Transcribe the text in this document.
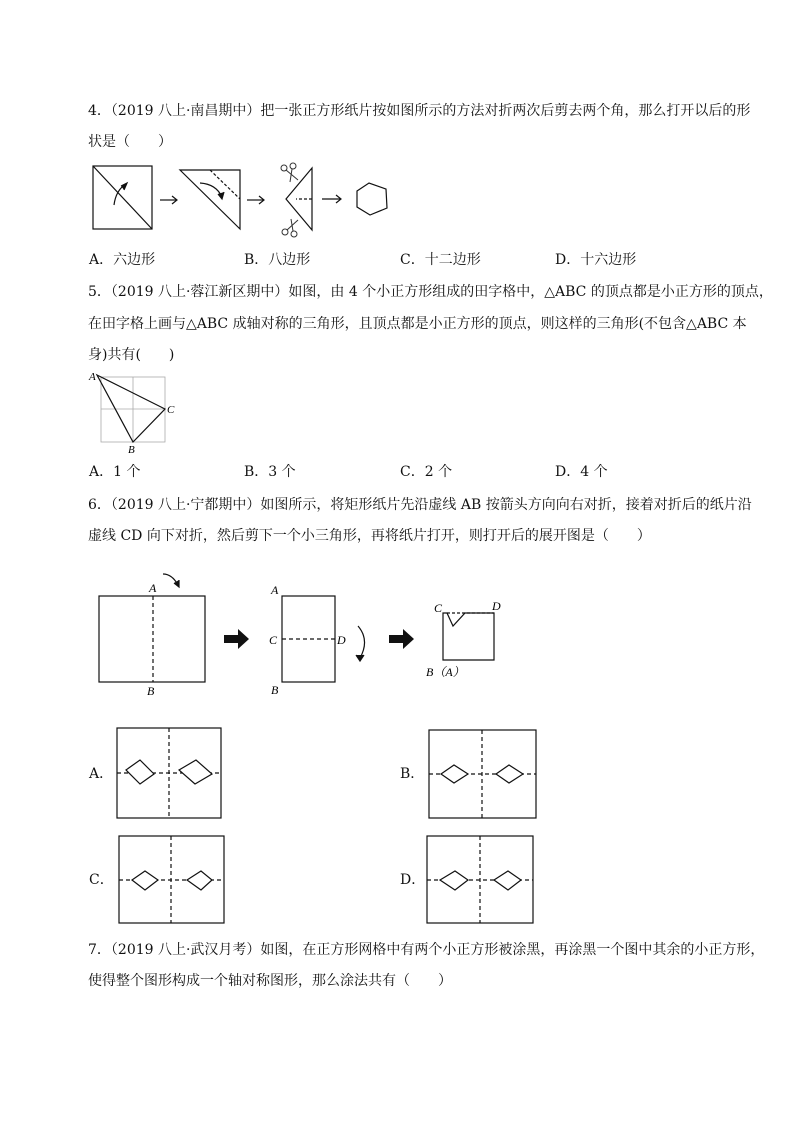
4．（2019 八上·南昌期中）把一张正方形纸片按如图所示的方法对折两次后剪去两个角，那么打开以后的形
状是（　　）
A．六边形	B．八边形	C．十二边形	D．十六边形
5．（2019 八上·蓉江新区期中）如图，由 4 个小正方形组成的田字格中，△ABC 的顶点都是小正方形的顶点，
在田字格上画与△ABC 成轴对称的三角形，且顶点都是小正方形的顶点，则这样的三角形(不包含△ABC 本
身)共有(　　)
A
C
B
A．1 个	B．3 个	C．2 个	D．4 个
6．（2019 八上·宁都期中）如图所示，将矩形纸片先沿虚线 AB 按箭头方向向右对折，接着对折后的纸片沿
虚线 CD 向下对折，然后剪下一个小三角形，再将纸片打开，则打开后的展开图是（　　）
A
B
A
C	D
B
C	D
B（A）
A．	B．
C．	D．
7．（2019 八上·武汉月考）如图，在正方形网格中有两个小正方形被涂黑，再涂黑一个图中其余的小正方形，
使得整个图形构成一个轴对称图形，那么涂法共有（　　）
